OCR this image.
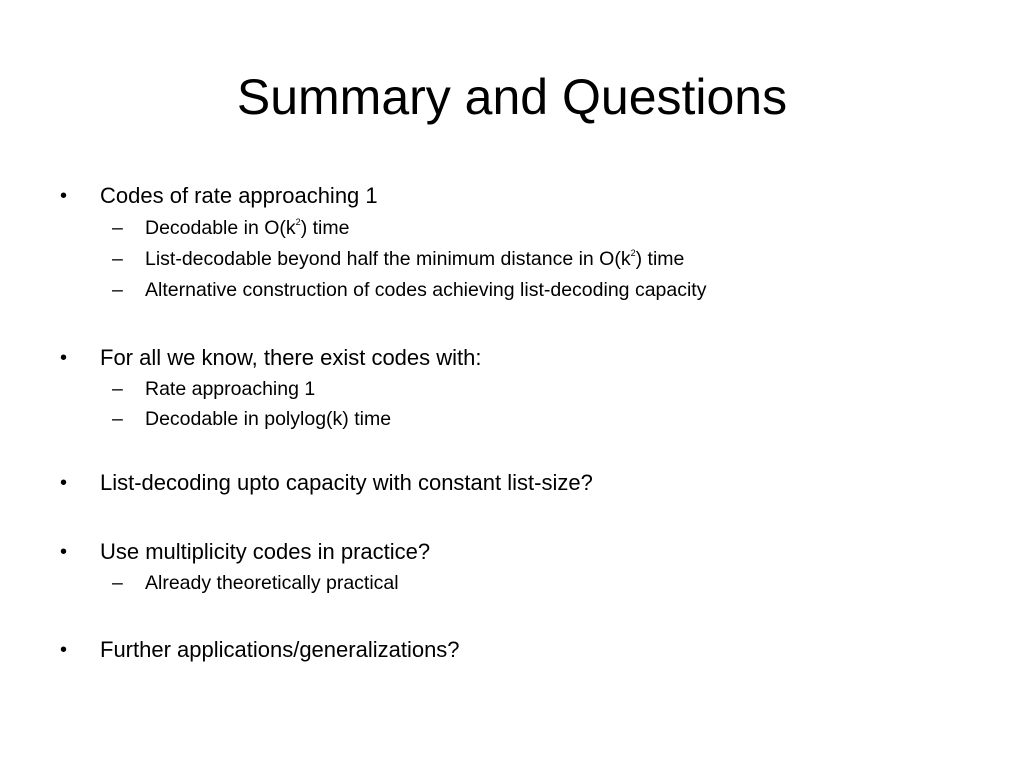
Summary and Questions
•	Codes of rate approaching 1
– Decodable in $O(k^2)$ time
– List-decodable beyond half the minimum distance in $O(k^2)$ time
– Alternative construction of codes achieving list-decoding capacity
•	For all we know, there exist codes with:
– Rate approaching 1
– Decodable in polylog(k) time
•	List-decoding upto capacity with constant list-size?
•	Use multiplicity codes in practice?
– Already theoretically practical
•	Further applications/generalizations?
